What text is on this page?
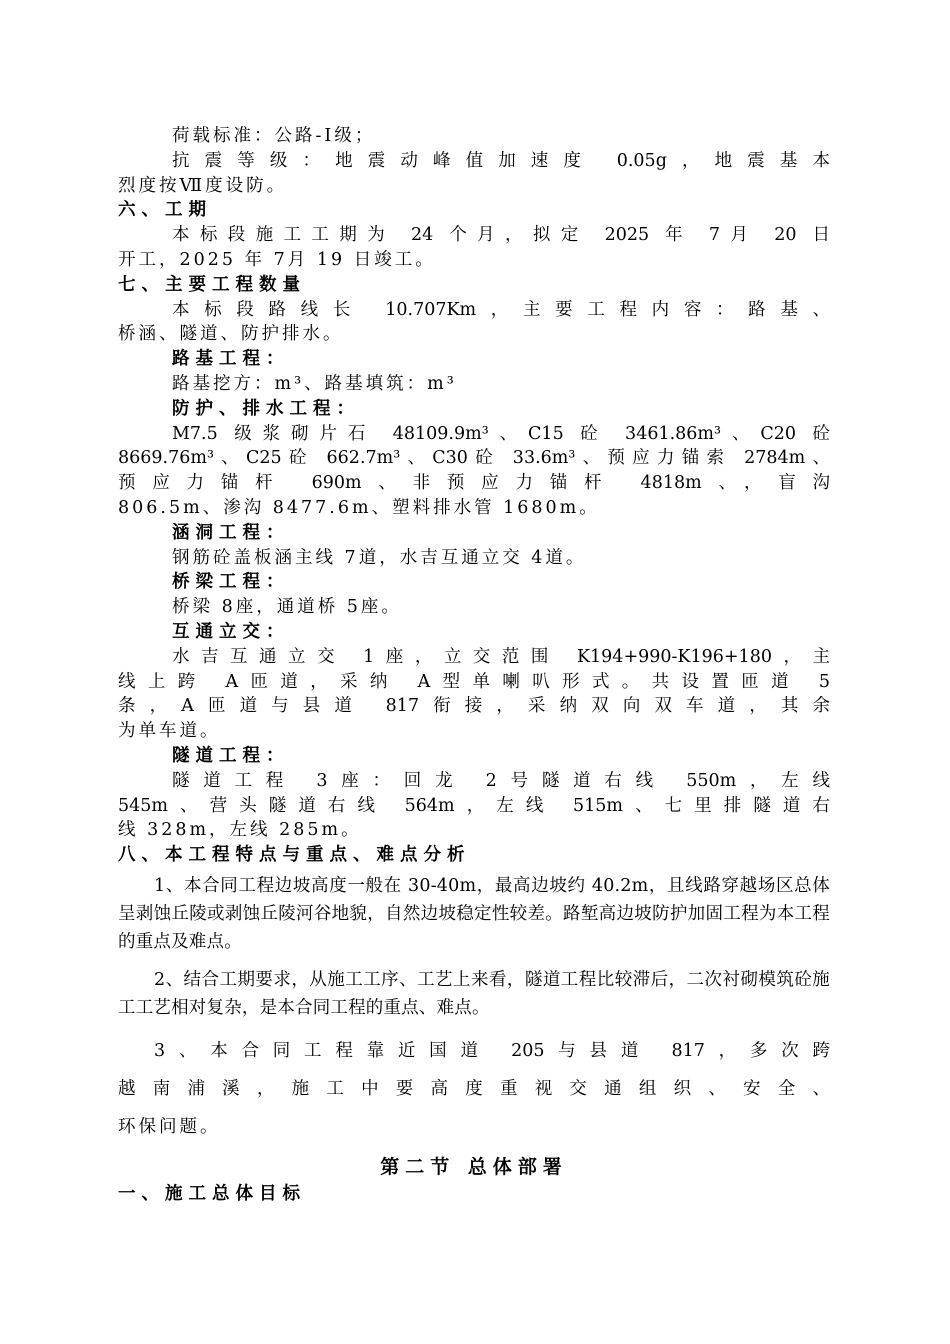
荷载标准：公路-I级；
抗震等级：地震动峰值加速度 0.05g，地震基本
烈度按Ⅶ度设防。
六、工期
本标段施工工期为 24 个月，拟定 2025 年 7月 20 日
开工，2025 年 7月 19 日竣工。
七、主要工程数量
本标段路线长 10.707Km，主要工程内容：路基、
桥涵、隧道、防护排水。
路基工程：
路基挖方：m³、路基填筑：m³
防护、排水工程：
M7.5 级浆砌片石 48109.9m³、C15 砼 3461.86m³、C20 砼
8669.76m³、C25砼 662.7m³、C30砼 33.6m³、预应力锚索 2784m、
预应力锚杆 690m、非预应力锚杆 4818m、，盲沟
806.5m、渗沟 8477.6m、塑料排水管 1680m。
涵洞工程：
钢筋砼盖板涵主线 7道，水吉互通立交 4道。
桥梁工程：
桥梁 8座，通道桥 5座。
互通立交：
水吉互通立交 1座，立交范围 K194+990-K196+180，主
线上跨 A匝道，采纳 A型单喇叭形式。共设置匝道 5
条，A匝道与县道 817衔接，采纳双向双车道，其余
为单车道。
隧道工程：
隧道工程 3座：回龙 2号隧道右线 550m，左线
545m、营头隧道右线 564m，左线 515m、七里排隧道右
线 328m，左线 285m。
八、本工程特点与重点、难点分析
1、本合同工程边坡高度一般在 30-40m，最高边坡约 40.2m，且线路穿越场区总体呈剥蚀丘陵或剥蚀丘陵河谷地貌，自然边坡稳定性较差。路堑高边坡防护加固工程为本工程的重点及难点。
2、结合工期要求，从施工工序、工艺上来看，隧道工程比较滞后，二次衬砌模筑砼施工工艺相对复杂，是本合同工程的重点、难点。
3、本合同工程靠近国道 205与县道 817，多次跨
越南浦溪，施工中要高度重视交通组织、安全、
环保问题。
第二节 总体部署
一、施工总体目标
